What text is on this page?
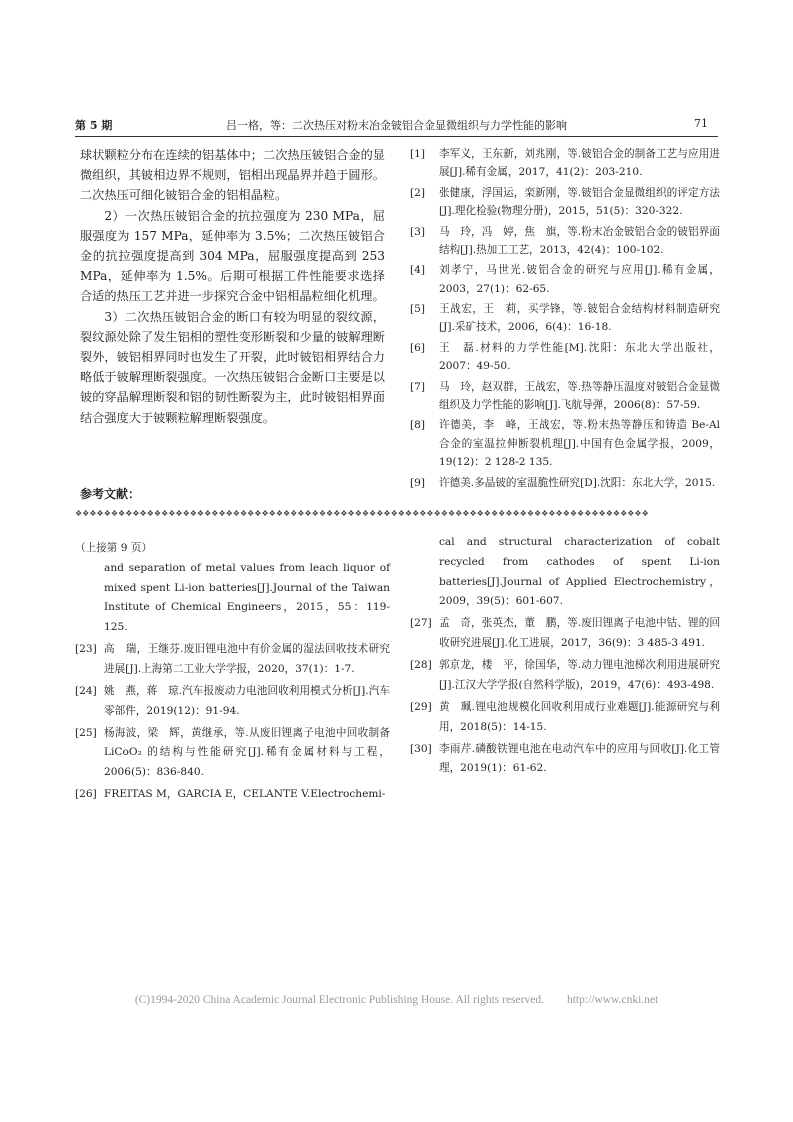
吕一格，等：二次热压对粉末冶金铍铝合金显微组织与力学性能的影响
第 5 期	71

球状颗粒分布在连续的铝基体中；二次热压铍铝合金的显微组织，其铍相边界不规则，铝相出现晶界并趋于圆形。二次热压可细化铍铝合金的铝相晶粒。

2）一次热压铍铝合金的抗拉强度为 230 MPa，屈服强度为 157 MPa，延伸率为 3.5%；二次热压铍铝合金的抗拉强度提高到 304 MPa，屈服强度提高到 253 MPa，延伸率为 1.5%。后期可根据工件性能要求选择合适的热压工艺并进一步探究合金中铝相晶粒细化机理。

3）二次热压铍铝合金的断口有较为明显的裂纹源，裂纹源处除了发生铝相的塑性变形断裂和少量的铍解理断裂外，铍铝相界同时也发生了开裂，此时铍铝相界结合力略低于铍解理断裂强度。一次热压铍铝合金断口主要是以铍的穿晶解理断裂和铝的韧性断裂为主，此时铍铝相界面结合强度大于铍颗粒解理断裂强度。

参考文献：
[1]	李军义，王东新，刘兆刚，等.铍铝合金的制备工艺与应用进展[J].稀有金属，2017，41(2)：203-210.
[2]	张健康，浮国运，栾新刚，等.铍铝合金显微组织的评定方法[J].理化检验(物理分册)，2015，51(5)：320-322.
[3]	马　玲，冯　婷，焦　旗，等.粉末冶金铍铝合金的铍铝界面结构[J].热加工工艺，2013，42(4)：100-102.
[4]	刘孝宁，马世光.铍铝合金的研究与应用[J].稀有金属，2003，27(1)：62-65.
[5]	王战宏，王　莉，买学锋，等.铍铝合金结构材料制造研究[J].采矿技术，2006，6(4)：16-18.
[6]	王　磊.材料的力学性能[M].沈阳：东北大学出版社，2007：49-50.
[7]	马　玲，赵双群，王战宏，等.热等静压温度对铍铝合金显微组织及力学性能的影响[J].飞航导弹，2006(8)：57-59.
[8]	许德美，李　峰，王战宏，等.粉末热等静压和铸造 Be-Al 合金的室温拉伸断裂机理[J].中国有色金属学报，2009，19(12)：2 128-2 135.
[9]	许德美.多晶铍的室温脆性研究[D].沈阳：东北大学，2015.
❖❖❖❖❖❖❖❖❖❖❖❖❖❖❖❖❖❖❖❖❖❖❖❖❖❖❖❖❖❖❖❖❖❖❖❖❖❖❖❖❖❖❖❖❖❖❖❖❖❖❖❖❖❖❖❖❖❖❖❖❖❖❖❖❖❖❖❖❖❖❖❖❖❖❖❖❖❖❖❖

（上接第 9 页）

and separation of metal values from leach liquor of mixed spent Li-ion batteries[J].Journal of the Taiwan Institute of Chemical Engineers，2015，55：119-125.

[23] 高　瑞，王继芬.废旧锂电池中有价金属的湿法回收技术研究进展[J].上海第二工业大学学报，2020，37(1)：1-7.
[24] 姚　燕，蒋　琼.汽车报废动力电池回收利用模式分析[J].汽车零部件，2019(12)：91-94.
[25] 杨海波，梁　辉，黄继承，等.从废旧锂离子电池中回收制备 LiCoO₂ 的结构与性能研究[J].稀有金属材料与工程，2006(5)：836-840.
[26] FREITAS M，GARCIA E，CELANTE V.Electrochemi-

cal and structural characterization of cobalt recycled from cathodes of spent Li-ion batteries[J].Journal of Applied Electrochemistry，2009，39(5)：601-607.

[27] 孟　奇，张英杰，董　鹏，等.废旧锂离子电池中钴、锂的回收研究进展[J].化工进展，2017，36(9)：3 485-3 491.
[28] 郭京龙，楼　平，徐国华，等.动力锂电池梯次利用进展研究[J].江汉大学学报(自然科学版)，2019，47(6)：493-498.
[29] 黄　珮.锂电池规模化回收利用成行业难题[J].能源研究与利用，2018(5)：14-15.
[30] 李雨芹.磷酸铁锂电池在电动汽车中的应用与回收[J].化工管理，2019(1)：61-62.
(C)1994-2020 China Academic Journal Electronic Publishing House. All rights reserved.　　http://www.cnki.net
